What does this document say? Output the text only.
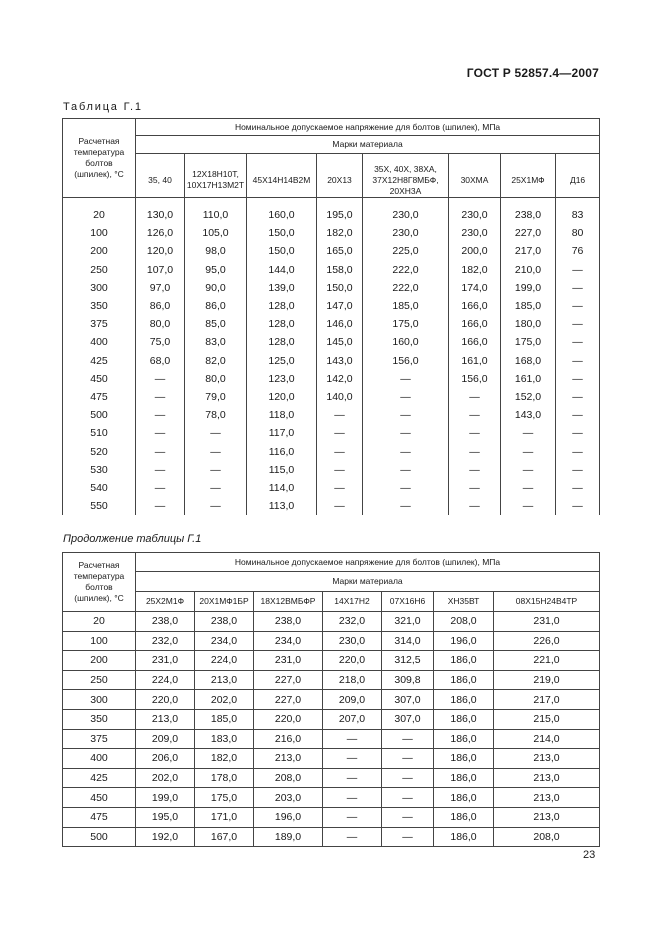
ГОСТ Р 52857.4—2007
Таблица Г.1
Расчетная температура болтов (шпилек), °С	Номинальное допускаемое напряжение для болтов (шпилек), МПа							
	Марки материала							
	35, 40	12Х18Н10Т, 10Х17Н13М2Т	45Х14Н14В2М	20Х13	35Х, 40Х, 38ХА, 37Х12Н8Г8МБФ, 20ХН3А	30ХМА	25Х1МФ	Д16
20	130,0	110,0	160,0	195,0	230,0	230,0	238,0	83
100	126,0	105,0	150,0	182,0	230,0	230,0	227,0	80
200	120,0	98,0	150,0	165,0	225,0	200,0	217,0	76
250	107,0	95,0	144,0	158,0	222,0	182,0	210,0	—
300	97,0	90,0	139,0	150,0	222,0	174,0	199,0	—
350	86,0	86,0	128,0	147,0	185,0	166,0	185,0	—
375	80,0	85,0	128,0	146,0	175,0	166,0	180,0	—
400	75,0	83,0	128,0	145,0	160,0	166,0	175,0	—
425	68,0	82,0	125,0	143,0	156,0	161,0	168,0	—
450	—	80,0	123,0	142,0	—	156,0	161,0	—
475	—	79,0	120,0	140,0	—	—	152,0	—
500	—	78,0	118,0	—	—	—	143,0	—
510	—	—	117,0	—	—	—	—	—
520	—	—	116,0	—	—	—	—	—
530	—	—	115,0	—	—	—	—	—
540	—	—	114,0	—	—	—	—	—
550	—	—	113,0	—	—	—	—	—
Продолжение таблицы Г.1
Расчетная температура болтов (шпилек), °С	Номинальное допускаемое напряжение для болтов (шпилек), МПа						
	Марки материала						
	25Х2М1Ф	20Х1МФ1БР	18Х12ВМБФР	14Х17Н2	07Х16Н6	ХН35ВТ	08Х15Н24В4ТР
20	238,0	238,0	238,0	232,0	321,0	208,0	231,0
100	232,0	234,0	234,0	230,0	314,0	196,0	226,0
200	231,0	224,0	231,0	220,0	312,5	186,0	221,0
250	224,0	213,0	227,0	218,0	309,8	186,0	219,0
300	220,0	202,0	227,0	209,0	307,0	186,0	217,0
350	213,0	185,0	220,0	207,0	307,0	186,0	215,0
375	209,0	183,0	216,0	—	—	186,0	214,0
400	206,0	182,0	213,0	—	—	186,0	213,0
425	202,0	178,0	208,0	—	—	186,0	213,0
450	199,0	175,0	203,0	—	—	186,0	213,0
475	195,0	171,0	196,0	—	—	186,0	213,0
500	192,0	167,0	189,0	—	—	186,0	208,0
23
